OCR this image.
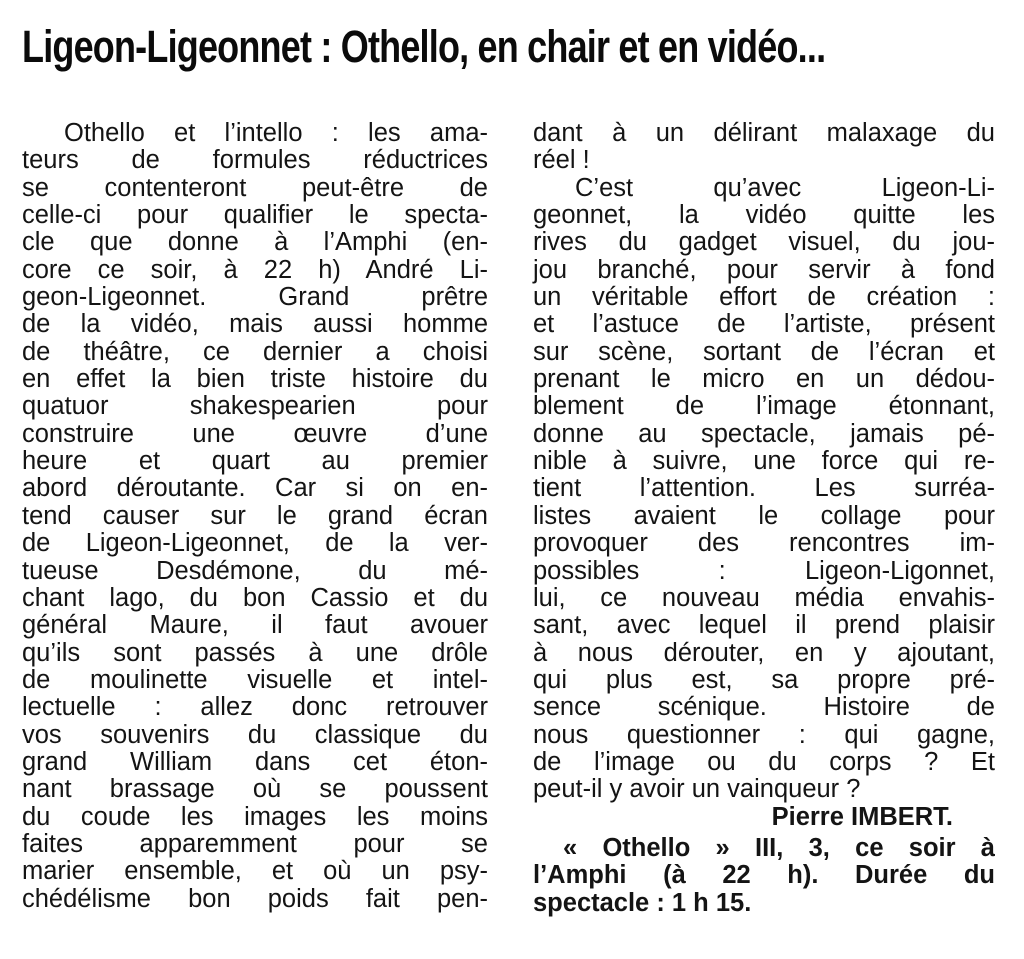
Ligeon-Ligeonnet : Othello, en chair et en vidéo...

Othello et l’intello : les ama-
teurs de formules réductrices
se contenteront peut-être de
celle-ci pour qualifier le specta-
cle que donne à l’Amphi (en-
core ce soir, à 22 h) André Li-
geon-Ligeonnet. Grand prêtre
de la vidéo, mais aussi homme
de théâtre, ce dernier a choisi
en effet la bien triste histoire du
quatuor shakespearien pour
construire une œuvre d’une
heure et quart au premier
abord déroutante. Car si on en-
tend causer sur le grand écran
de Ligeon-Ligeonnet, de la ver-
tueuse Desdémone, du mé-
chant lago, du bon Cassio et du
général Maure, il faut avouer
qu’ils sont passés à une drôle
de moulinette visuelle et intel-
lectuelle : allez donc retrouver
vos souvenirs du classique du
grand William dans cet éton-
nant brassage où se poussent
du coude les images les moins
faites apparemment pour se
marier ensemble, et où un psy-
chédélisme bon poids fait pen-

dant à un délirant malaxage du
réel !

C’est qu’avec Ligeon-Li-
geonnet, la vidéo quitte les
rives du gadget visuel, du jou-
jou branché, pour servir à fond
un véritable effort de création :
et l’astuce de l’artiste, présent
sur scène, sortant de l’écran et
prenant le micro en un dédou-
blement de l’image étonnant,
donne au spectacle, jamais pé-
nible à suivre, une force qui re-
tient l’attention. Les surréa-
listes avaient le collage pour
provoquer des rencontres im-
possibles : Ligeon-Ligonnet,
lui, ce nouveau média envahis-
sant, avec lequel il prend plaisir
à nous dérouter, en y ajoutant,
qui plus est, sa propre pré-
sence scénique. Histoire de
nous questionner : qui gagne,
de l’image ou du corps ? Et
peut-il y avoir un vainqueur ?

Pierre IMBERT.

« Othello » III, 3, ce soir à
l’Amphi (à 22 h). Durée du
spectacle : 1 h 15.
